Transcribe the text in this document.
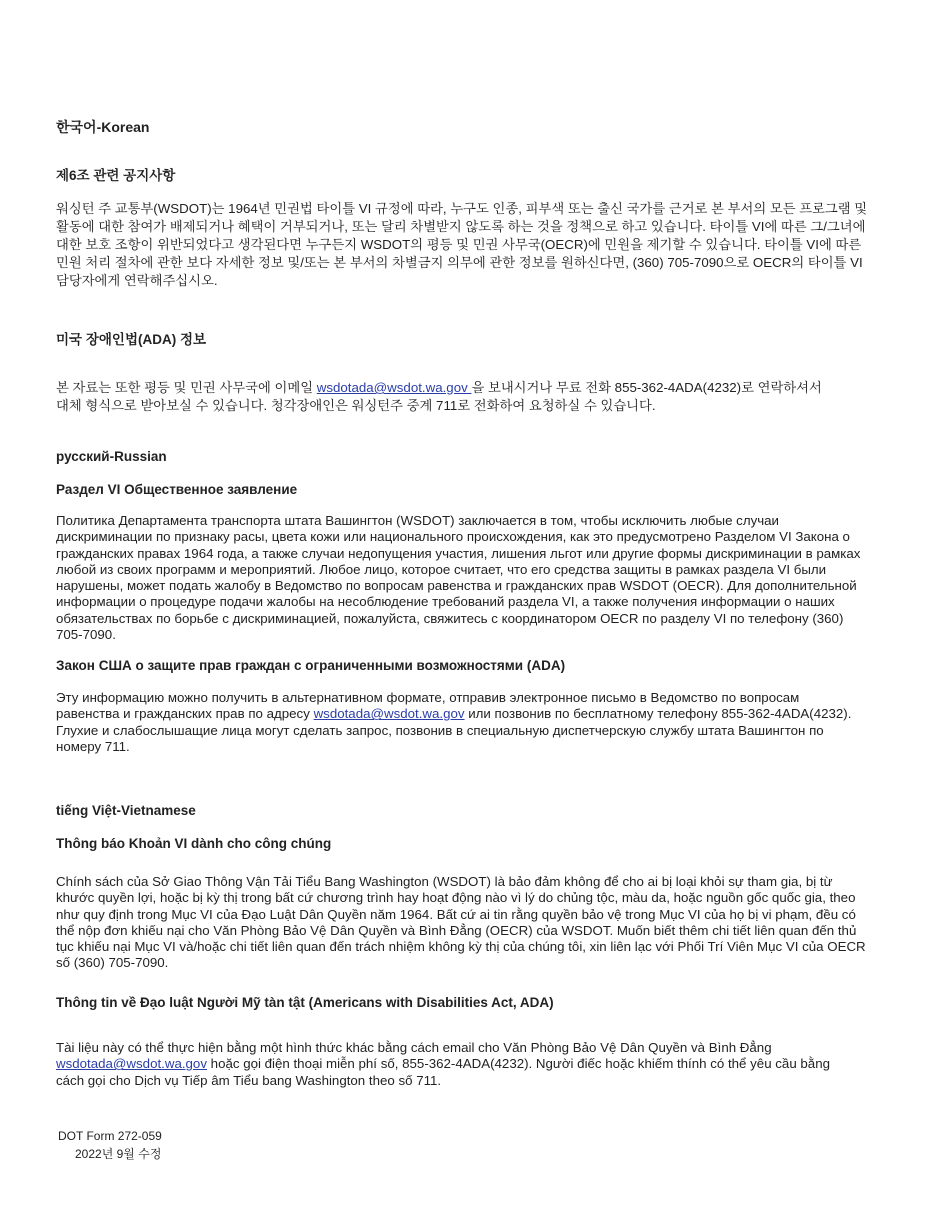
한국어-Korean
제6조 관련 공지사항

워싱턴 주 교통부(WSDOT)는 1964년 민권법 타이틀 VI 규정에 따라, 누구도 인종, 피부색 또는 출신 국가를 근거로 본 부서의 모든 프로그램 및 활동에 대한 참여가 배제되거나 혜택이 거부되거나, 또는 달리 차별받지 않도록 하는 것을 정책으로 하고 있습니다. 타이틀 VI에 따른 그/그녀에 대한 보호 조항이 위반되었다고 생각된다면 누구든지 WSDOT의 평등 및 민권 사무국(OECR)에 민원을 제기할 수 있습니다. 타이틀 VI에 따른 민원 처리 절차에 관한 보다 자세한 정보 및/또는 본 부서의 차별금지 의무에 관한 정보를 원하신다면, (360) 705-7090으로 OECR의 타이틀 VI 담당자에게 연락해주십시오.

미국 장애인법(ADA) 정보

본 자료는 또한 평등 및 민권 사무국에 이메일 wsdotada@wsdot.wa.gov 을 보내시거나 무료 전화 855-362-4ADA(4232)로 연락하셔서 대체 형식으로 받아보실 수 있습니다. 청각장애인은 워싱턴주 중계 711로 전화하여 요청하실 수 있습니다.

русский-Russian
Раздел VI Общественное заявление

Политика Департамента транспорта штата Вашингтон (WSDOT) заключается в том, чтобы исключить любые случаи дискриминации по признаку расы, цвета кожи или национального происхождения, как это предусмотрено Разделом VI Закона о гражданских правах 1964 года, а также случаи недопущения участия, лишения льгот или другие формы дискриминации в рамках любой из своих программ и мероприятий. Любое лицо, которое считает, что его средства защиты в рамках раздела VI были нарушены, может подать жалобу в Ведомство по вопросам равенства и гражданских прав WSDOT (OECR). Для дополнительной информации о процедуре подачи жалобы на несоблюдение требований раздела VI, а также получения информации о наших обязательствах по борьбе с дискриминацией, пожалуйста, свяжитесь с координатором OECR по разделу VI по телефону (360) 705-7090.

Закон США о защите прав граждан с ограниченными возможностями (ADA)

Эту информацию можно получить в альтернативном формате, отправив электронное письмо в Ведомство по вопросам равенства и гражданских прав по адресу wsdotada@wsdot.wa.gov или позвонив по бесплатному телефону 855-362-4ADA(4232). Глухие и слабослышащие лица могут сделать запрос, позвонив в специальную диспетчерскую службу штата Вашингтон по номеру 711.

tiếng Việt-Vietnamese
Thông báo Khoản VI dành cho công chúng

Chính sách của Sở Giao Thông Vận Tải Tiểu Bang Washington (WSDOT) là bảo đảm không để cho ai bị loại khỏi sự tham gia, bị từ khước quyền lợi, hoặc bị kỳ thị trong bất cứ chương trình hay hoạt động nào vì lý do chủng tộc, màu da, hoặc nguồn gốc quốc gia, theo như quy định trong Mục VI của Đạo Luật Dân Quyền năm 1964. Bất cứ ai tin rằng quyền bảo vệ trong Mục VI của họ bị vi phạm, đều có thể nộp đơn khiếu nại cho Văn Phòng Bảo Vệ Dân Quyền và Bình Đẳng (OECR) của WSDOT. Muốn biết thêm chi tiết liên quan đến thủ tục khiếu nại Mục VI và/hoặc chi tiết liên quan đến trách nhiệm không kỳ thị của chúng tôi, xin liên lạc với Phối Trí Viên Mục VI của OECR số (360) 705-7090.

Thông tin về Đạo luật Người Mỹ tàn tật (Americans with Disabilities Act, ADA)

Tài liệu này có thể thực hiện bằng một hình thức khác bằng cách email cho Văn Phòng Bảo Vệ Dân Quyền và Bình Đẳng wsdotada@wsdot.wa.gov hoặc gọi điện thoại miễn phí số, 855-362-4ADA(4232). Người điếc hoặc khiếm thính có thể yêu cầu bằng cách gọi cho Dịch vụ Tiếp âm Tiểu bang Washington theo số 711.

DOT Form 272-059
2022년 9월 수정
